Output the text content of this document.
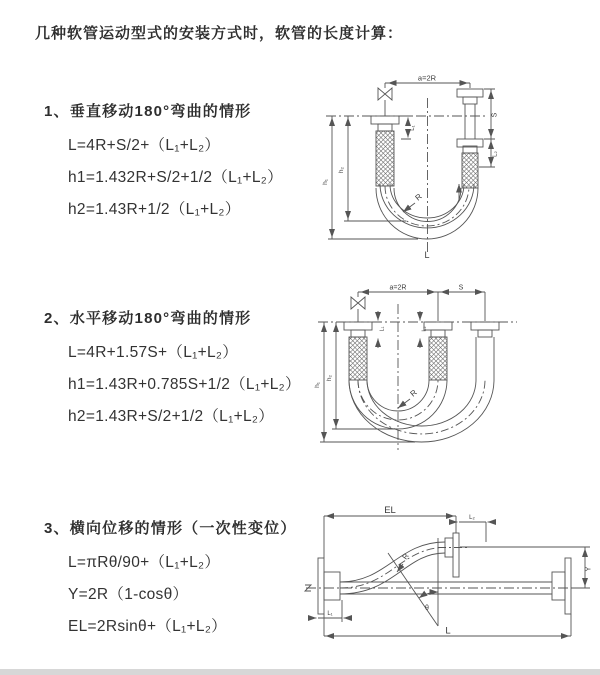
几种软管运动型式的安装方式时，软管的长度计算：
1、垂直移动180°弯曲的情形
L=4R+S/2+（L₁+L₂）
h1=1.432R+S/2+1/2（L₁+L₂）
h2=1.43R+1/2（L₁+L₂）
2、水平移动180°弯曲的情形
L=4R+1.57S+（L₁+L₂）
h1=1.43R+0.785S+1/2（L₁+L₂）
h2=1.43R+S/2+1/2（L₁+L₂）
3、横向位移的情形（一次性变位）
L=πRθ/90+（L₁+L₂）
Y=2R（1-cosθ）
EL=2Rsinθ+（L₁+L₂）
a=2R
L₁
S
L₂
h₁
h₂
R
L
a=2R	S
L₁	L₂
h₁
h₂
R
EL
L₂
Y
R
θ
L
L₁
